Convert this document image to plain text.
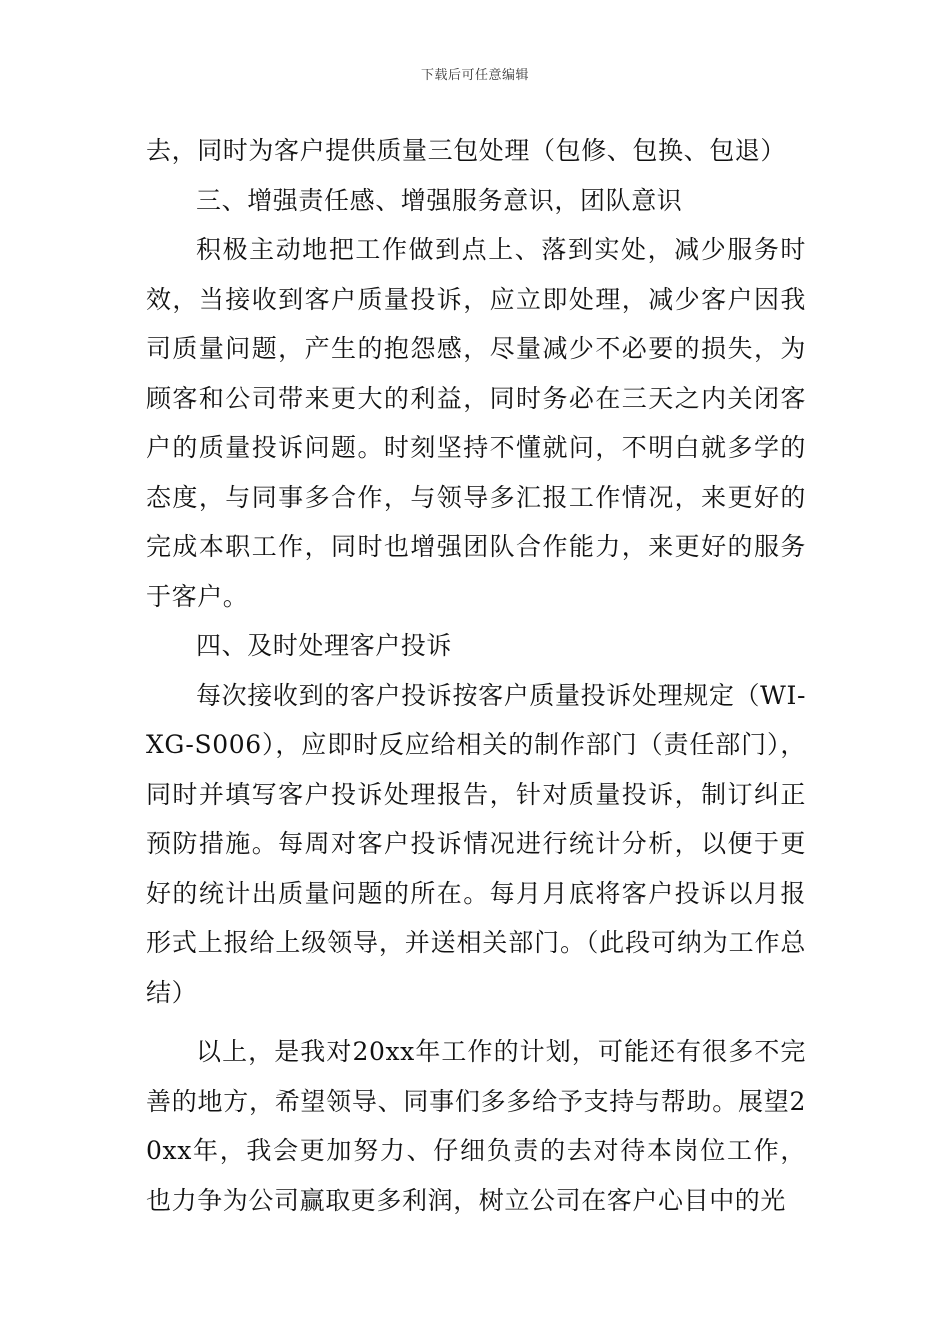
下载后可任意编辑

去，同时为客户提供质量三包处理（包修、包换、包退）

三、增强责任感、增强服务意识，团队意识

积极主动地把工作做到点上、落到实处，减少服务时效，当接收到客户质量投诉，应立即处理，减少客户因我司质量问题，产生的抱怨感，尽量减少不必要的损失，为顾客和公司带来更大的利益，同时务必在三天之内关闭客户的质量投诉问题。时刻坚持不懂就问，不明白就多学的态度，与同事多合作，与领导多汇报工作情况，来更好的完成本职工作，同时也增强团队合作能力，来更好的服务于客户。

四、及时处理客户投诉

每次接收到的客户投诉按客户质量投诉处理规定（WI-XG-S006），应即时反应给相关的制作部门（责任部门），同时并填写客户投诉处理报告，针对质量投诉，制订纠正预防措施。每周对客户投诉情况进行统计分析，以便于更好的统计出质量问题的所在。每月月底将客户投诉以月报形式上报给上级领导，并送相关部门。（此段可纳为工作总结）

以上，是我对20xx年工作的计划，可能还有很多不完善的地方，希望领导、同事们多多给予支持与帮助。展望20xx年，我会更加努力、仔细负责的去对待本岗位工作，也力争为公司赢取更多利润，树立公司在客户心目中的光
